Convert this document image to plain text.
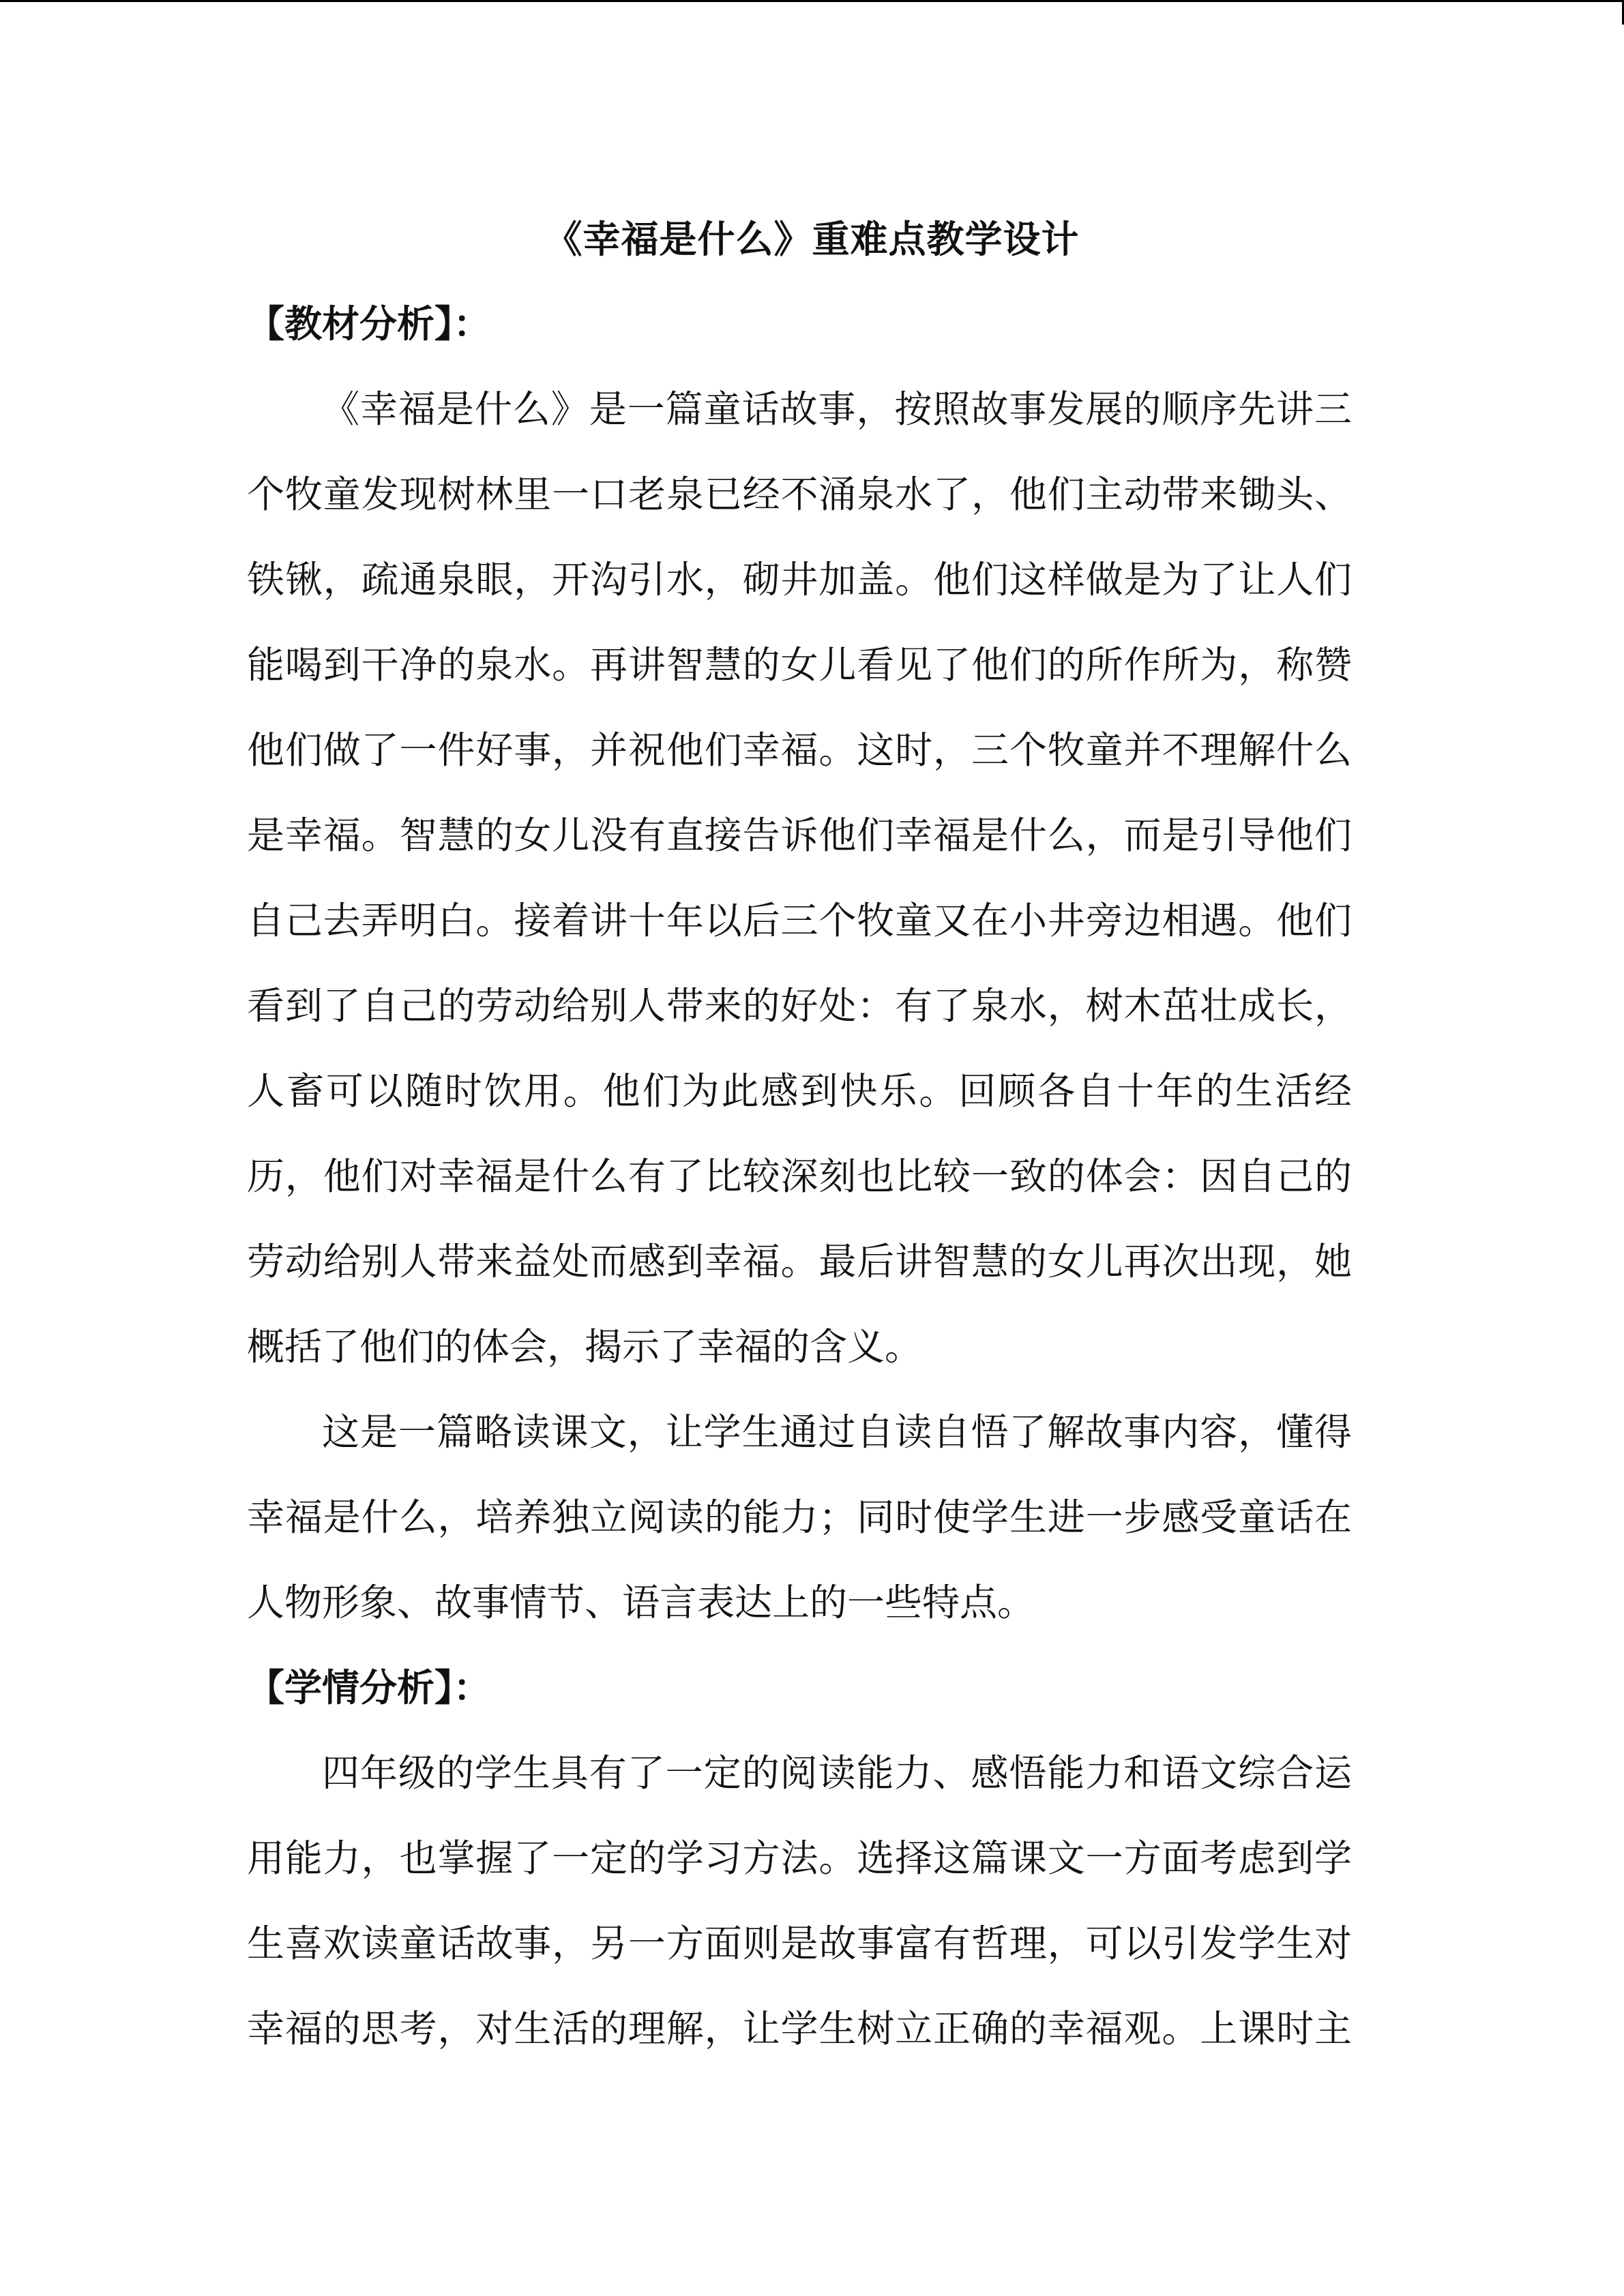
《幸福是什么》重难点教学设计
【教材分析】：
《幸福是什么》是一篇童话故事，按照故事发展的顺序先讲三
个牧童发现树林里一口老泉已经不涌泉水了，他们主动带来锄头、
铁锹，疏通泉眼，开沟引水，砌井加盖。他们这样做是为了让人们
能喝到干净的泉水。再讲智慧的女儿看见了他们的所作所为，称赞
他们做了一件好事，并祝他们幸福。这时，三个牧童并不理解什么
是幸福。智慧的女儿没有直接告诉他们幸福是什么，而是引导他们
自己去弄明白。接着讲十年以后三个牧童又在小井旁边相遇。他们
看到了自己的劳动给别人带来的好处：有了泉水，树木茁壮成长，
人畜可以随时饮用。他们为此感到快乐。回顾各自十年的生活经
历，他们对幸福是什么有了比较深刻也比较一致的体会：因自己的
劳动给别人带来益处而感到幸福。最后讲智慧的女儿再次出现，她
概括了他们的体会，揭示了幸福的含义。
这是一篇略读课文，让学生通过自读自悟了解故事内容，懂得
幸福是什么，培养独立阅读的能力；同时使学生进一步感受童话在
人物形象、故事情节、语言表达上的一些特点。
【学情分析】：
四年级的学生具有了一定的阅读能力、感悟能力和语文综合运
用能力，也掌握了一定的学习方法。选择这篇课文一方面考虑到学
生喜欢读童话故事，另一方面则是故事富有哲理，可以引发学生对
幸福的思考，对生活的理解，让学生树立正确的幸福观。上课时主
